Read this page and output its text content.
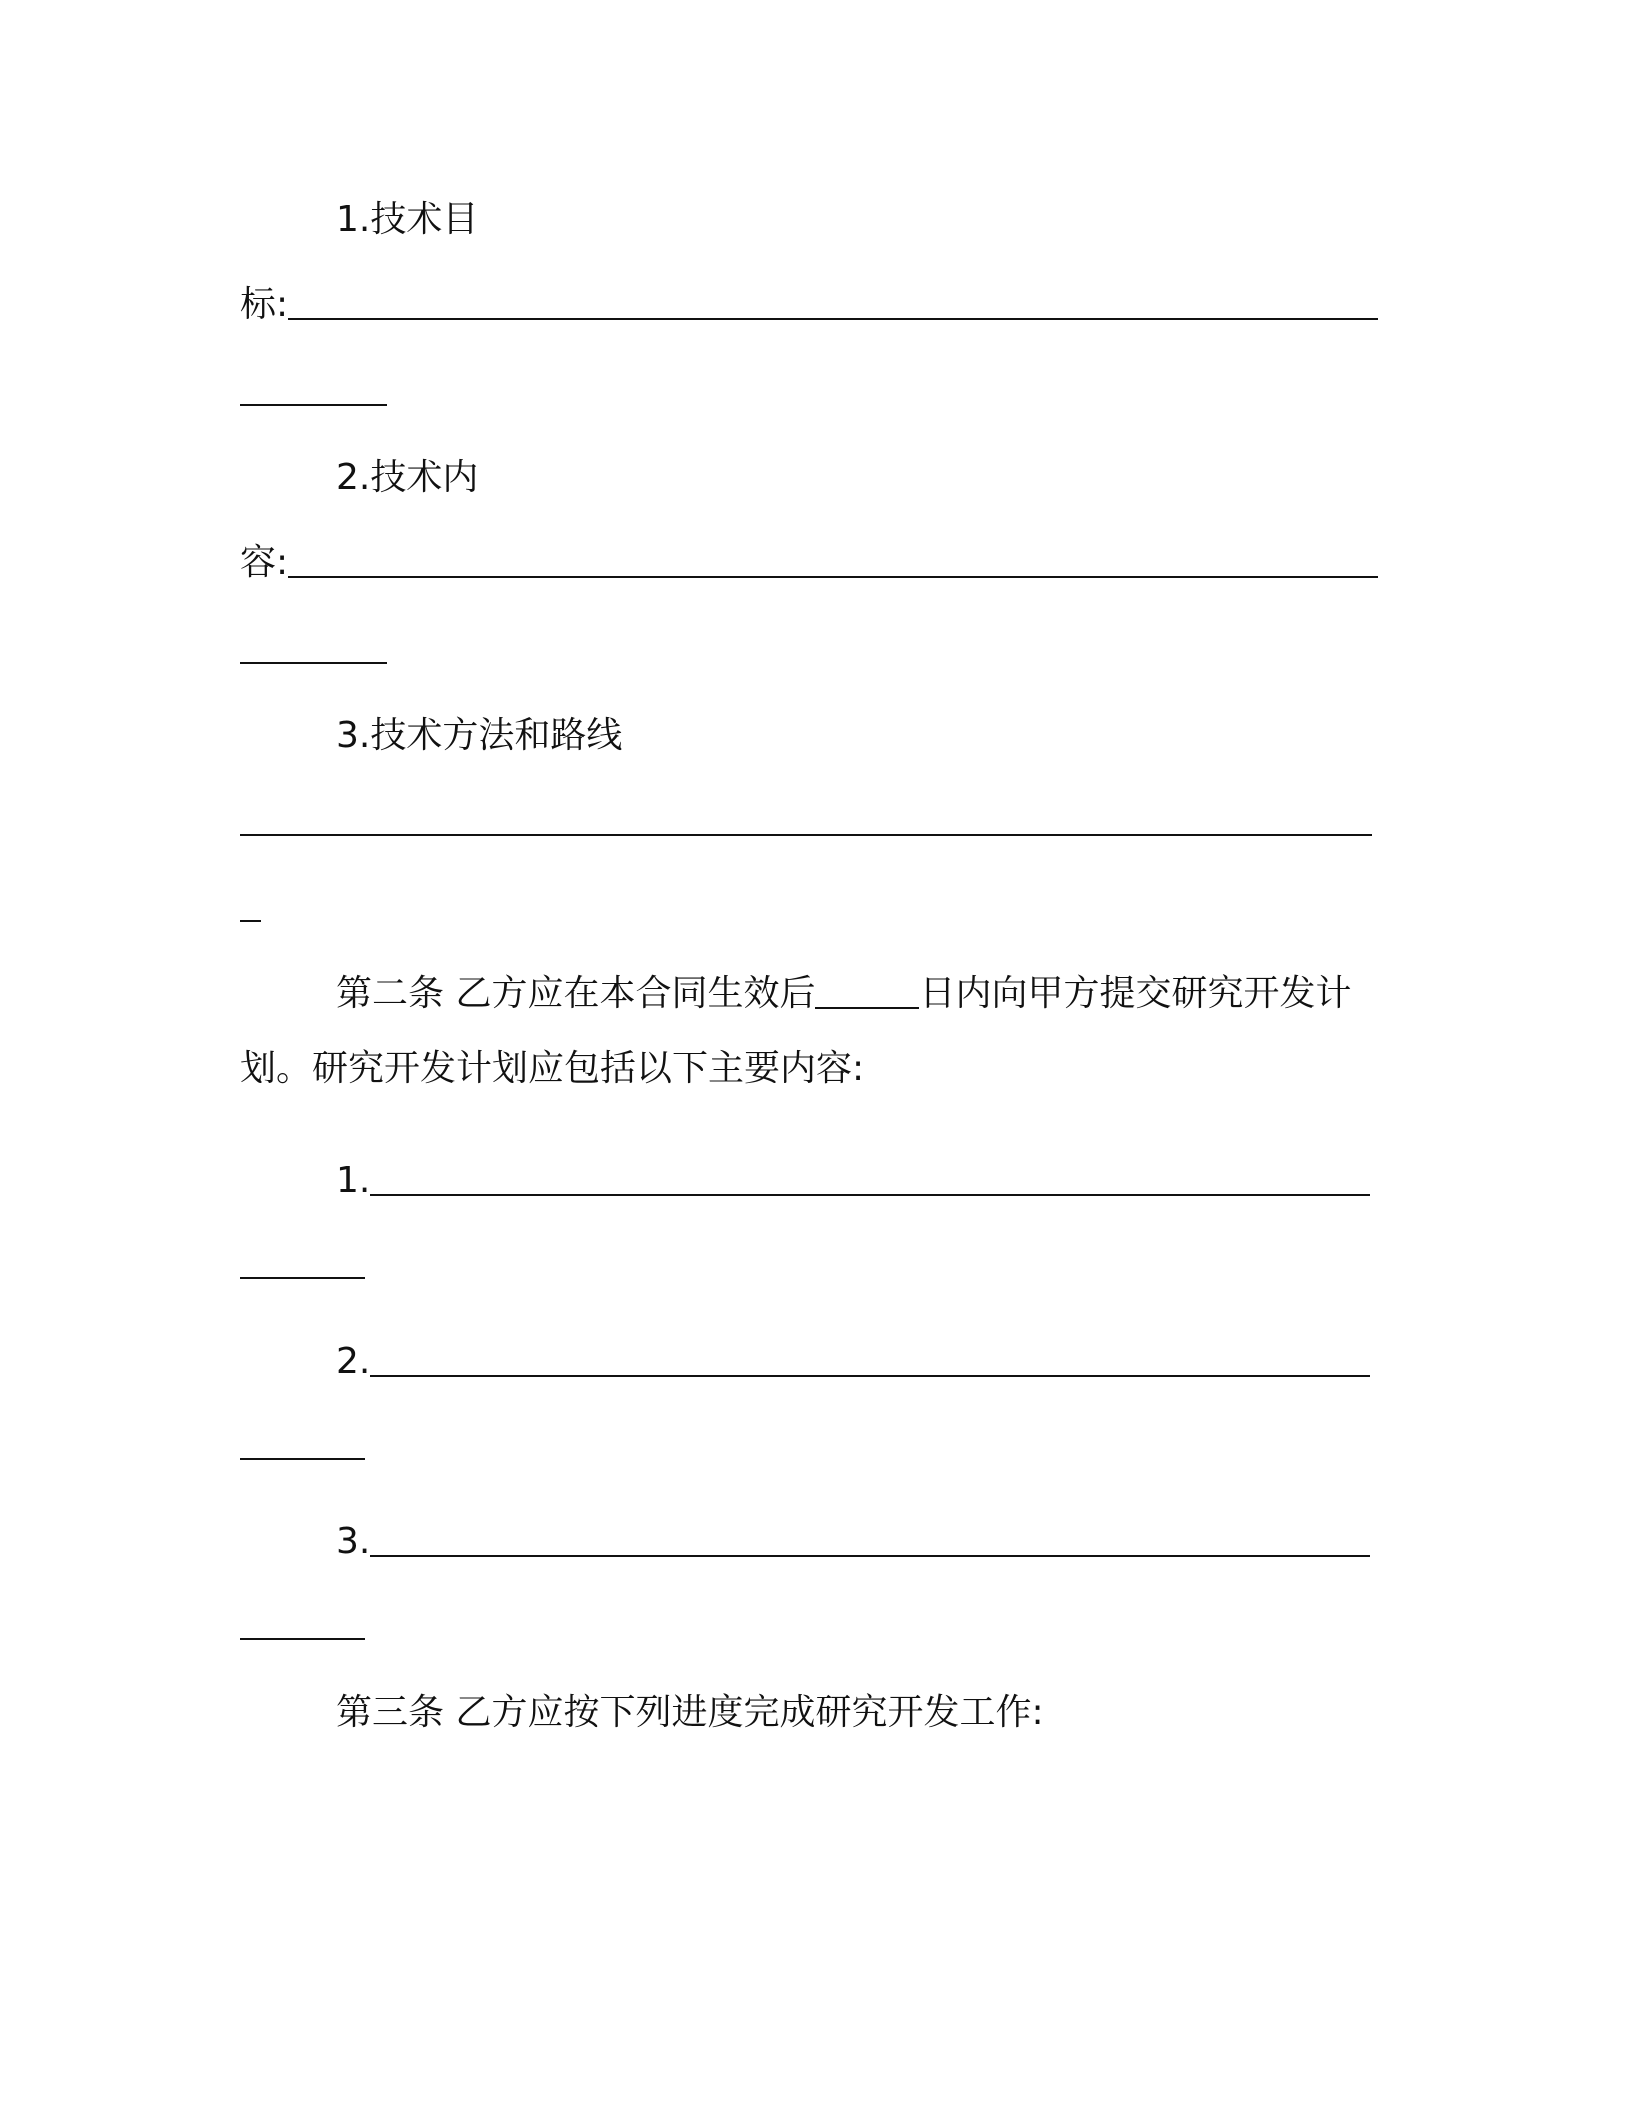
1.技术目
标:
2.技术内
容:
3.技术方法和路线
第二条 乙方应在本合同生效后	日内向甲方提交研究开发计
划。研究开发计划应包括以下主要内容:
1.
2.
3.
第三条 乙方应按下列进度完成研究开发工作:
